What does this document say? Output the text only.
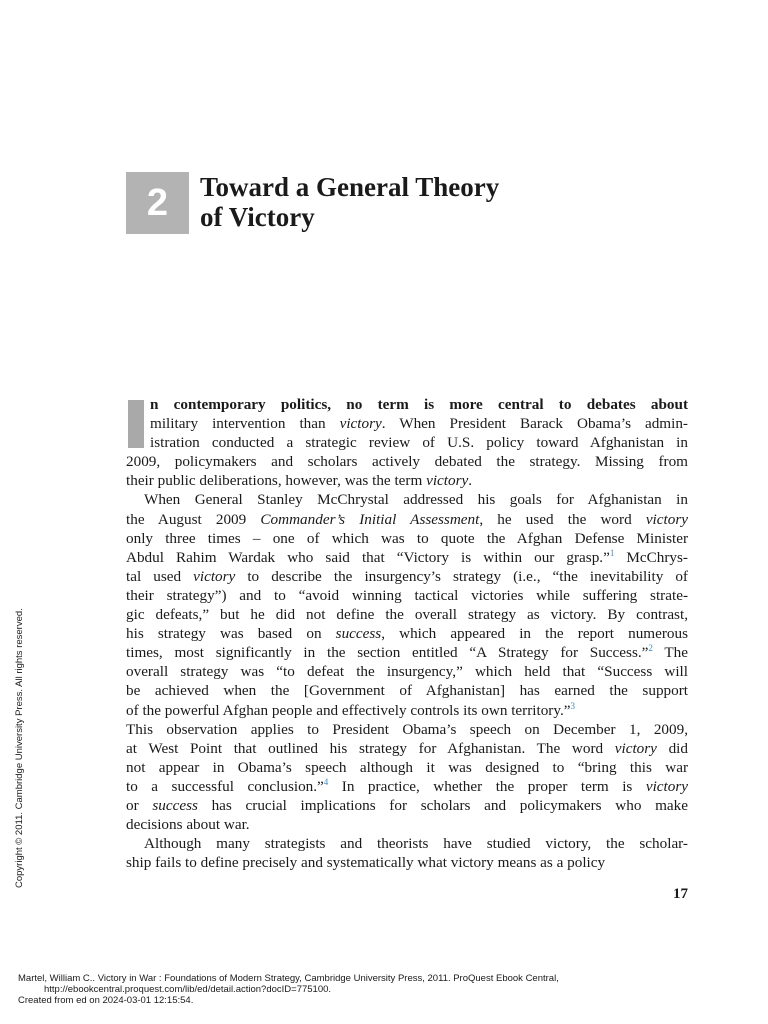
2	Toward a General Theory
of Victory
n contemporary politics, no term is more central to debates about
military intervention than victory. When President Barack Obama’s admin-
istration conducted a strategic review of U.S. policy toward Afghanistan in
2009, policymakers and scholars actively debated the strategy. Missing from
their public deliberations, however, was the term victory.
When General Stanley McChrystal addressed his goals for Afghanistan in
the August 2009 Commander’s Initial Assessment, he used the word victory
only three times – one of which was to quote the Afghan Defense Minister
Abdul Rahim Wardak who said that “Victory is within our grasp.”$^1$ McChrys-
tal used victory to describe the insurgency’s strategy (i.e., “the inevitability of
their strategy”) and to “avoid winning tactical victories while suffering strate-
gic defeats,” but he did not define the overall strategy as victory. By contrast,
his strategy was based on success, which appeared in the report numerous
times, most significantly in the section entitled “A Strategy for Success.”$^2$ The
overall strategy was “to defeat the insurgency,” which held that “Success will
be achieved when the [Government of Afghanistan] has earned the support
of the powerful Afghan people and effectively controls its own territory.”$^3$
This observation applies to President Obama’s speech on December 1, 2009,
at West Point that outlined his strategy for Afghanistan. The word victory did
not appear in Obama’s speech although it was designed to “bring this war
to a successful conclusion.”$^4$ In practice, whether the proper term is victory
or success has crucial implications for scholars and policymakers who make
decisions about war.
Although many strategists and theorists have studied victory, the scholar-
ship fails to define precisely and systematically what victory means as a policy
17
Copyright © 2011. Cambridge University Press. All rights reserved.
Martel, William C.. Victory in War : Foundations of Modern Strategy, Cambridge University Press, 2011. ProQuest Ebook Central,
http://ebookcentral.proquest.com/lib/ed/detail.action?docID=775100.
Created from ed on 2024-03-01 12:15:54.
